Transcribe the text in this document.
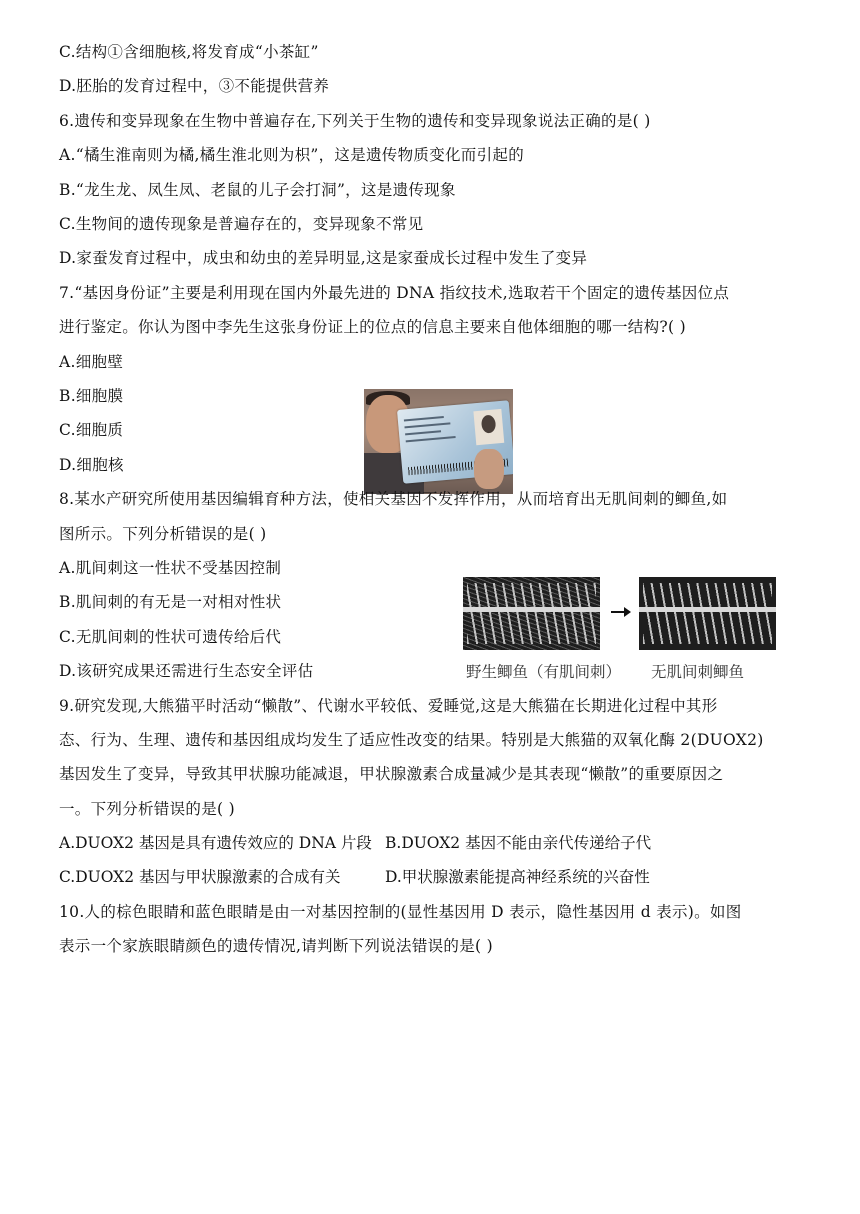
C.结构①含细胞核,将发育成“小茶缸”
D.胚胎的发育过程中，③不能提供营养
6.遗传和变异现象在生物中普遍存在,下列关于生物的遗传和变异现象说法正确的是( )
A.“橘生淮南则为橘,橘生淮北则为枳”，这是遗传物质变化而引起的
B.“龙生龙、凤生凤、老鼠的儿子会打洞”，这是遗传现象
C.生物间的遗传现象是普遍存在的，变异现象不常见
D.家蚕发育过程中，成虫和幼虫的差异明显,这是家蚕成长过程中发生了变异
7.“基因身份证”主要是利用现在国内外最先进的 DNA 指纹技术,选取若干个固定的遗传基因位点
进行鉴定。你认为图中李先生这张身份证上的位点的信息主要来自他体细胞的哪一结构?( )
A.细胞壁
B.细胞膜
C.细胞质
D.细胞核
8.某水产研究所使用基因编辑育种方法，使相关基因不发挥作用，从而培育出无肌间刺的鲫鱼,如
图所示。下列分析错误的是( )
A.肌间刺这一性状不受基因控制
B.肌间刺的有无是一对相对性状
C.无肌间刺的性状可遗传给后代
D.该研究成果还需进行生态安全评估	野生鲫鱼（有肌间刺） 无肌间刺鲫鱼
9.研究发现,大熊猫平时活动“懒散”、代谢水平较低、爱睡觉,这是大熊猫在长期进化过程中其形
态、行为、生理、遗传和基因组成均发生了适应性改变的结果。特别是大熊猫的双氧化酶 2(DUOX2)
基因发生了变异，导致其甲状腺功能减退，甲状腺激素合成量减少是其表现“懒散”的重要原因之
一。下列分析错误的是( )
A.DUOX2 基因是具有遗传效应的 DNA 片段 B.DUOX2 基因不能由亲代传递给子代
C.DUOX2 基因与甲状腺激素的合成有关	D.甲状腺激素能提高神经系统的兴奋性
10.人的棕色眼睛和蓝色眼睛是由一对基因控制的(显性基因用 D 表示，隐性基因用 d 表示)。如图
表示一个家族眼睛颜色的遗传情况,请判断下列说法错误的是( )
